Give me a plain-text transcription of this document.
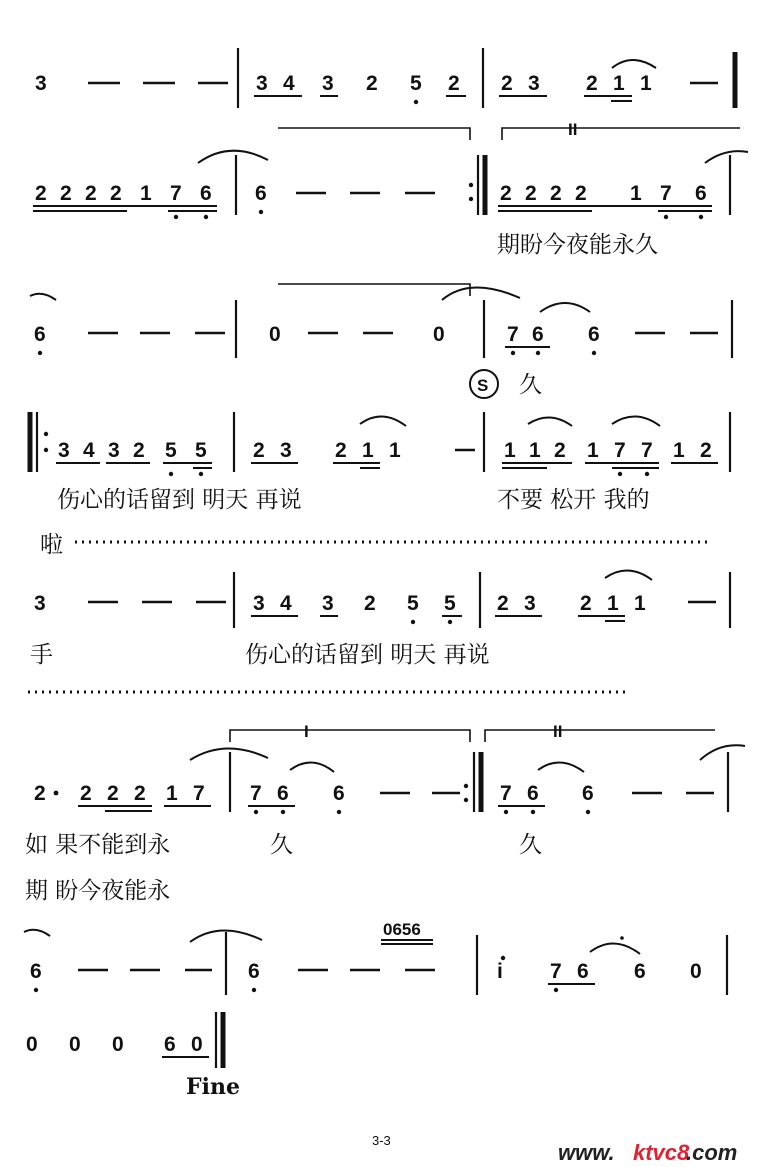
3	3 4 3 2 5 2 2 3 2 1 1
II
2 2 2 2 1 7 6 6	2 2 2 2 1 7 6
期盼今夜能永久
6	0	0	7 6 6
S 久
3 4 3 2 5 5 2 3 2 1 1	1 1 2 1 7 7 1 2
伤心的话留到 明天 再说	不要 松开 我的
啦
3	3 4 3 2 5 5 2 3 2 1 1
手	伤心的话留到 明天 再说
I	II
2 2 2 2 1 7 7 6 6	7 6 6
如 果不能到永	久	久
期 盼今夜能永
6	6
0656
i 7 6 6 0
0 0 0 6 0
Fine
3-3	www. ktvc8
.com
